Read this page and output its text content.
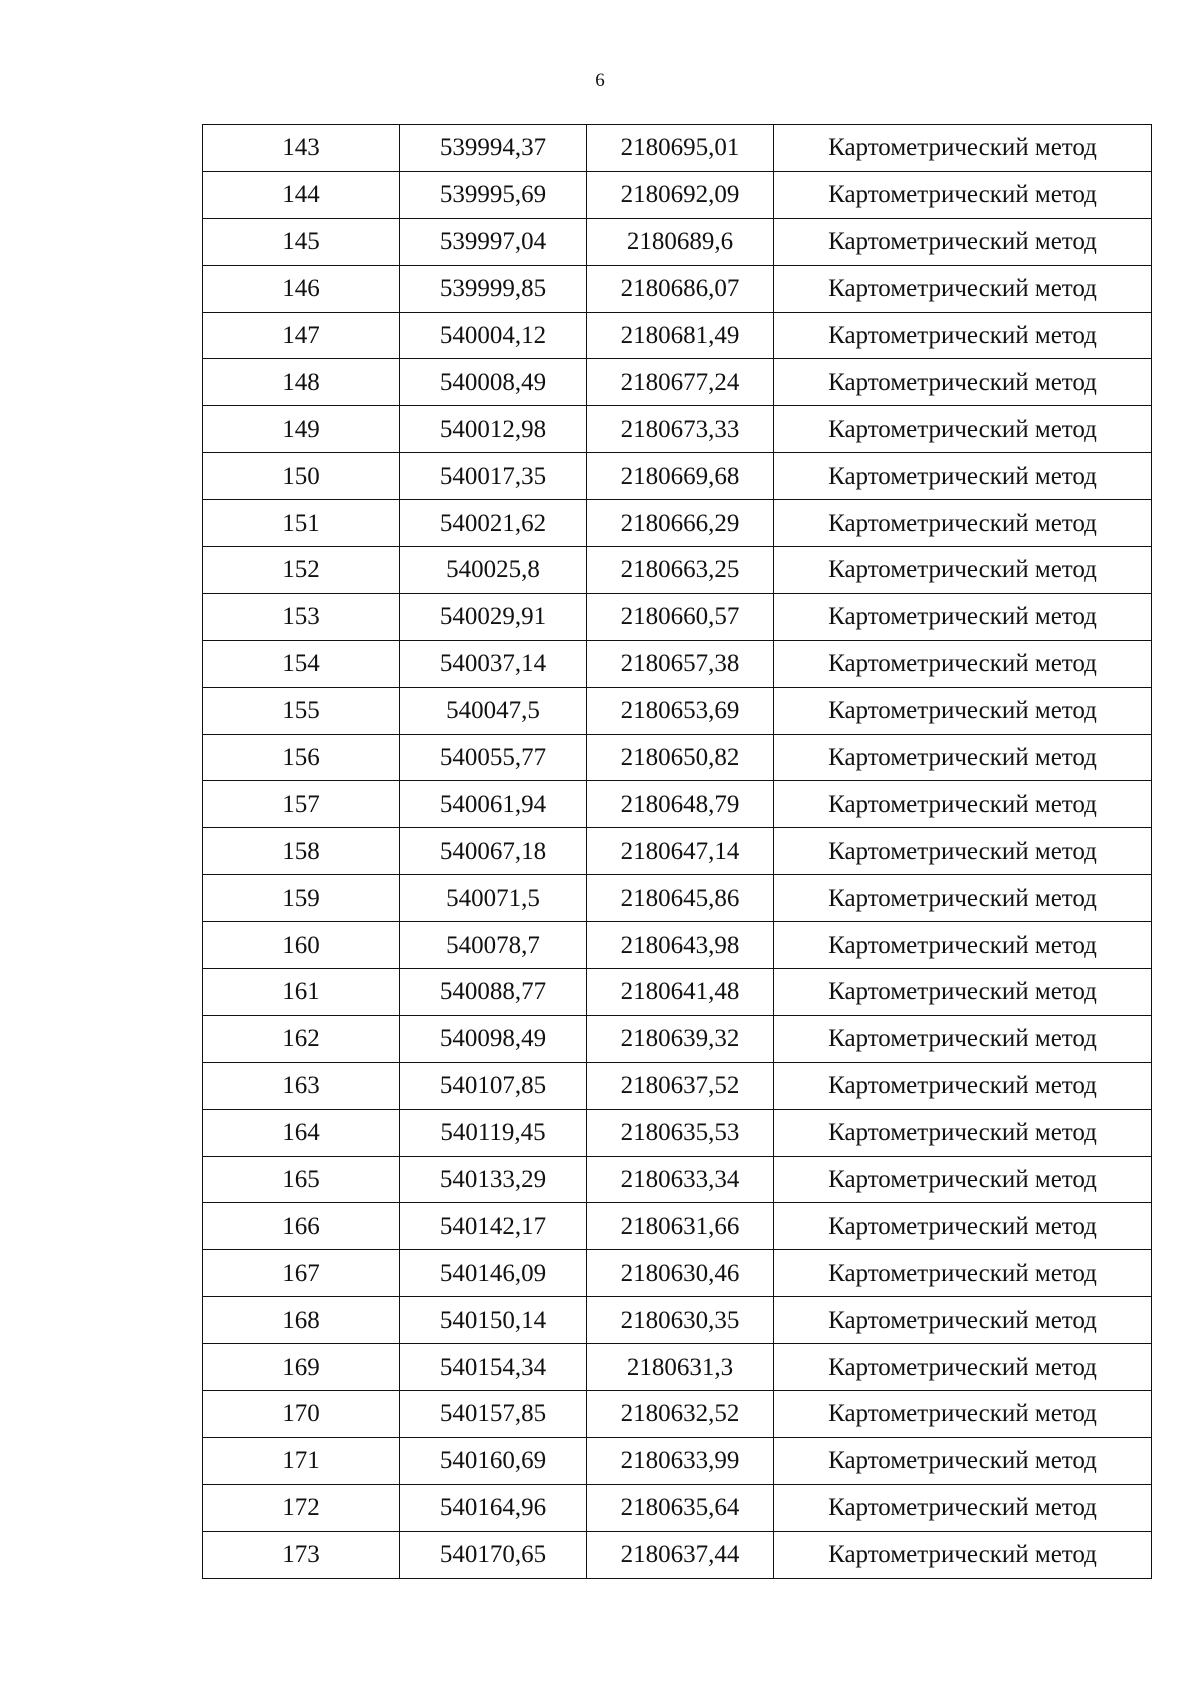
6
143	539994,37	2180695,01	Картометрический метод
144	539995,69	2180692,09	Картометрический метод
145	539997,04	2180689,6	Картометрический метод
146	539999,85	2180686,07	Картометрический метод
147	540004,12	2180681,49	Картометрический метод
148	540008,49	2180677,24	Картометрический метод
149	540012,98	2180673,33	Картометрический метод
150	540017,35	2180669,68	Картометрический метод
151	540021,62	2180666,29	Картометрический метод
152	540025,8	2180663,25	Картометрический метод
153	540029,91	2180660,57	Картометрический метод
154	540037,14	2180657,38	Картометрический метод
155	540047,5	2180653,69	Картометрический метод
156	540055,77	2180650,82	Картометрический метод
157	540061,94	2180648,79	Картометрический метод
158	540067,18	2180647,14	Картометрический метод
159	540071,5	2180645,86	Картометрический метод
160	540078,7	2180643,98	Картометрический метод
161	540088,77	2180641,48	Картометрический метод
162	540098,49	2180639,32	Картометрический метод
163	540107,85	2180637,52	Картометрический метод
164	540119,45	2180635,53	Картометрический метод
165	540133,29	2180633,34	Картометрический метод
166	540142,17	2180631,66	Картометрический метод
167	540146,09	2180630,46	Картометрический метод
168	540150,14	2180630,35	Картометрический метод
169	540154,34	2180631,3	Картометрический метод
170	540157,85	2180632,52	Картометрический метод
171	540160,69	2180633,99	Картометрический метод
172	540164,96	2180635,64	Картометрический метод
173	540170,65	2180637,44	Картометрический метод
